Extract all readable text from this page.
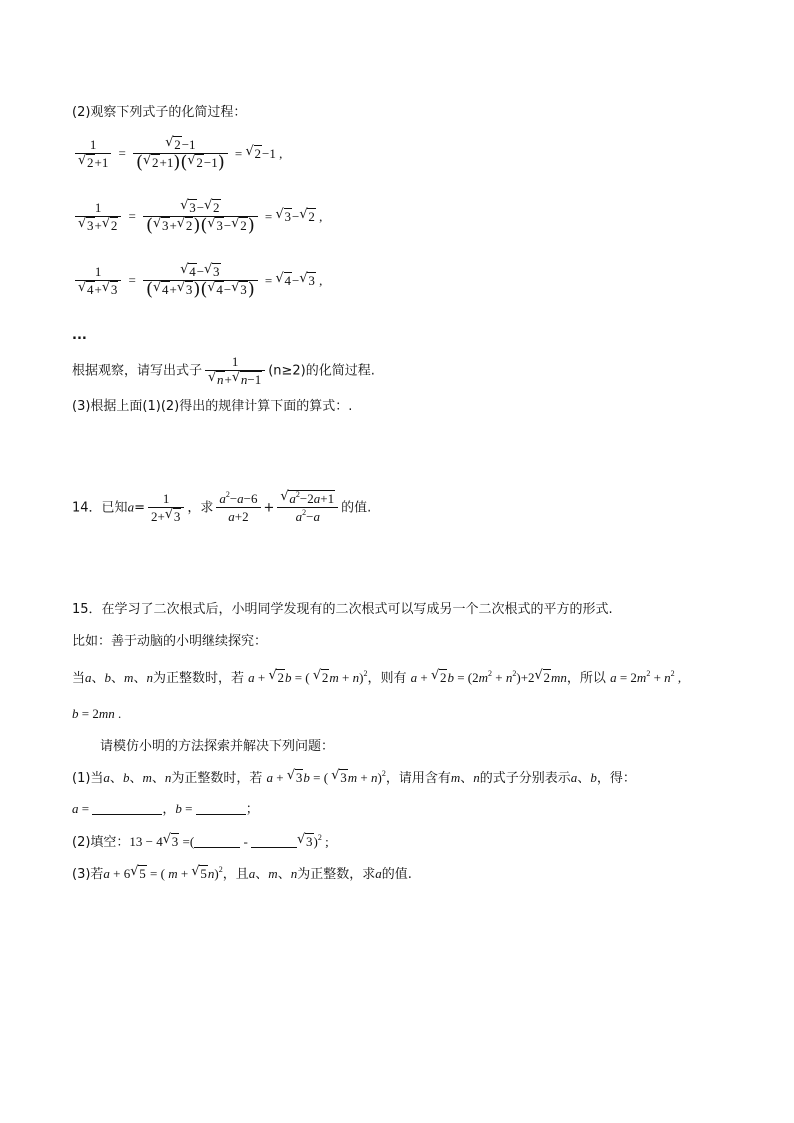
(2)观察下列式子的化简过程：
1
√ 2+1 =
√ $\frac{2-1}{(√ 2+1)(√ 2-1)}$ = √ 2−1 ,
1
√ 3+√ 2 =
√ $\frac{3-√ 2}{(√ 3+√ 2)(√ 3-√ 2)}$ = √ 3−√ 2 ,
1
√ 4+√ 3 =
√ $\frac{4-√ 3}{(√ 4+√ 3)(√ 4-√ 3)}$ = √ 4−√ 3 ,
...
根据观察，请写出式子 1
√ n+√ n−1 (n≥2)的化简过程.
(3)根据上面(1)(2)得出的规律计算下面的算式：.
14．已知$a= \frac{1}{2+√ 3}$ ，求 $\frac{a^2-a-6}{a+2}$ +
√ $\frac{a^2-2a+1}{a^2-a}$ 的值.
15．在学习了二次根式后，小明同学发现有的二次根式可以写成另一个二次根式的平方的形式.
比如：善于动脑的小明继续探究：
当a、b、m、n为正整数时，若 a + √ 2b = ( √ 2m + n)$^2$，则有 a + √ $2b = (2m^2 + n^2)+2√$ 2mn，所以 $a = 2m^2 + n^2$ ,
b = 2mn .
请模仿小明的方法探索并解决下列问题：
(1)当a、b、m、n为正整数时，若 a + √ 3b = ( √ 3m + n)$^2$，请用含有m、n的式子分别表示a、b，得：
a =	，b =	；
(2)填空：13 − 4√ 3 =(	- √	3)$^2$ ;
(3)若a + 6√ 5 = ( m + √ 5n)$^2$，且a、m、n为正整数，求a的值.
